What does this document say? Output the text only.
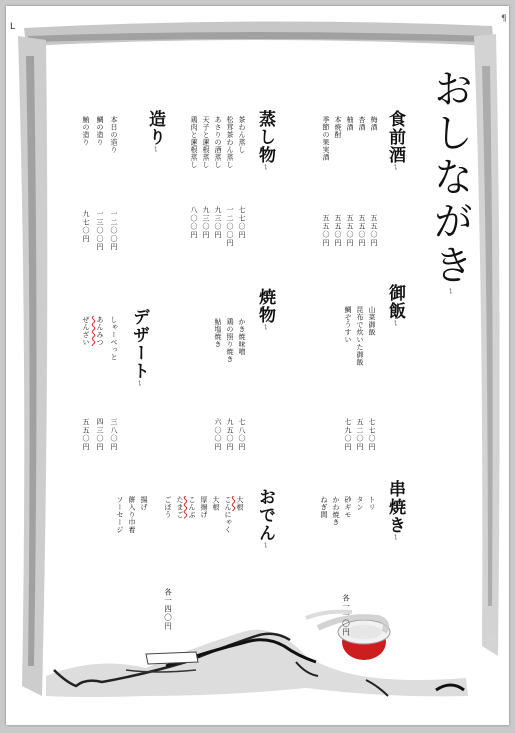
L
¶
おしながき↩
食前酒↩
梅酒
杏酒
柚酒
本焼酎
季節の果実酒
五五〇円
五五〇円
五五〇円
五五〇円
五五〇円
御飯↩
山菜御飯
昆布で炊いた御飯
鯛ぞうすい
七七〇円
五二〇円
七九〇円
串焼き↩
トリ
タン
砂ギモ
かわ焼き
ねぎ間
各一一〇円
蒸し物↩
茶わん蒸し
松茸茶わん蒸し
あさりの酒蒸し
天子と蓮根蒸し
鶏肉と蓮根蒸し
七七〇円
一二〇〇円
九三〇円
九三〇円
八〇〇円
焼物↩
かき焼味噌
鶏の照り焼き
鮎塩焼き
七八〇円
九五〇円
六〇〇円
おでん↩
大根
こんにゃく
大根
厚揚げ
こんぶ
たまご
ごぼう
揚げ
餅入り巾着
ソーセージ
各一四〇円
造り↩
本日の造り
鯛の造り
鮪の造り
一二〇〇円
一三〇〇円
九七〇円
デザート↩
しゃーべっと
あんみつ
ぜんざい
三八〇円
四三〇円
五五〇円
